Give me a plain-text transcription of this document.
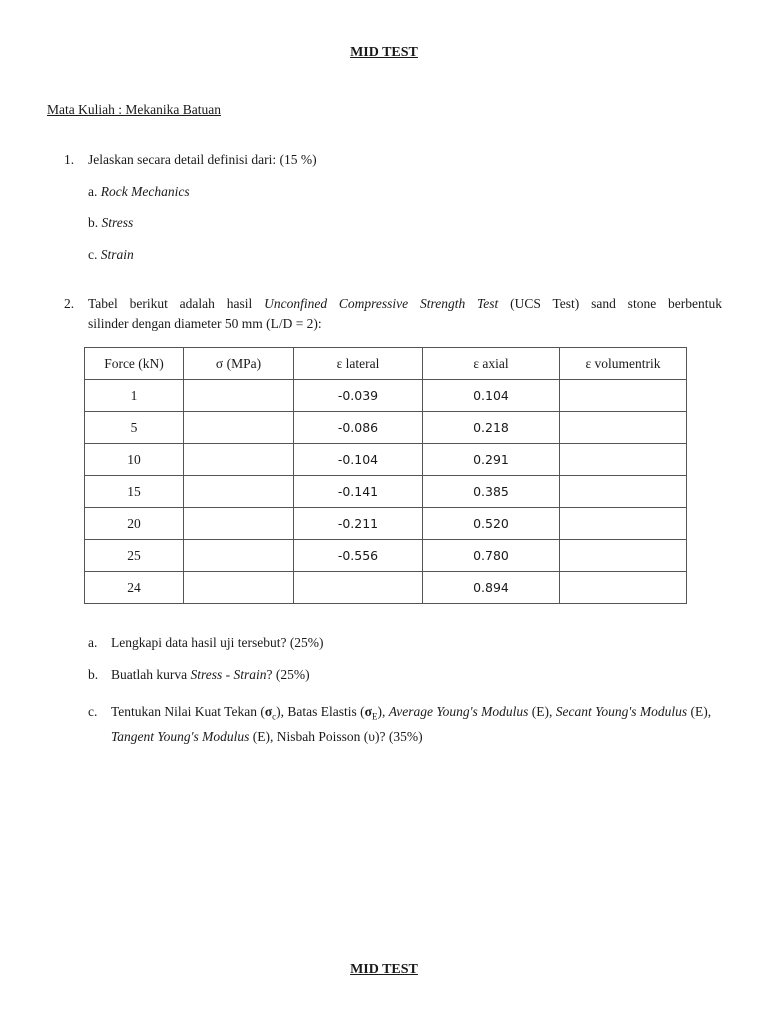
MID TEST
Mata Kuliah : Mekanika Batuan
1. Jelaskan secara detail definisi dari: (15 %)
a. Rock Mechanics
b. Stress
c. Strain
2. Tabel berikut adalah hasil Unconfined Compressive Strength Test (UCS Test) sand stone berbentuk
silinder dengan diameter 50 mm (L/D = 2):
Force (kN)	σ (MPa)	ε lateral	ε axial	ε volumentrik
1		-0.039	0.104	
5		-0.086	0.218	
10		-0.104	0.291	
15		-0.141	0.385	
20		-0.211	0.520	
25		-0.556	0.780	
24			0.894	
a. Lengkapi data hasil uji tersebut? (25%)
b. Buatlah kurva Stress - Strain? (25%)
c. Tentukan Nilai Kuat Tekan $(\sigma_c)$, Batas Elastis $(\sigma_E)$, Average Young's Modulus (E), Secant Young's Modulus (E), Tangent Young's Modulus (E), Nisbah Poisson (υ)? (35%)
MID TEST
